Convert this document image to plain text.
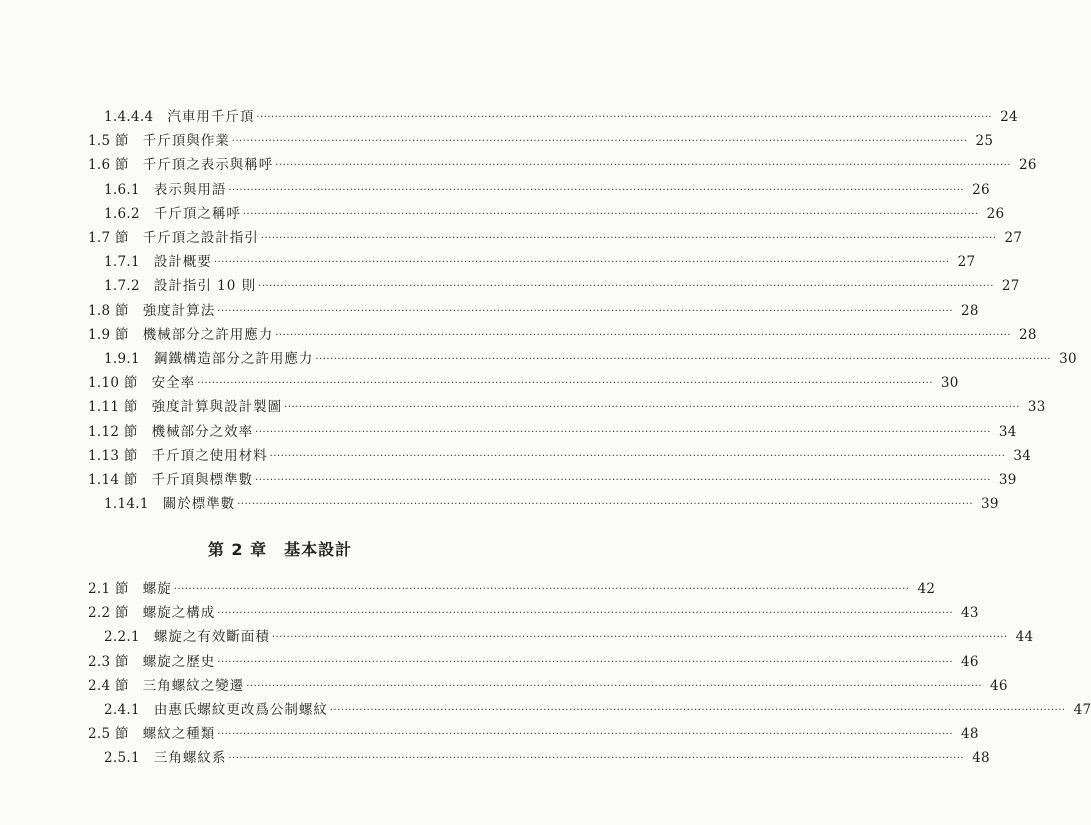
1.4.4.4	汽車用千斤頂 ········································································································································································································ 24
1.5 節	千斤頂與作業 ········································································································································································································ 25
1.6 節	千斤頂之表示與稱呼 ········································································································································································································ 26
1.6.1	表示與用語 ········································································································································································································ 26
1.6.2	千斤頂之稱呼 ········································································································································································································ 26
1.7 節	千斤頂之設計指引 ········································································································································································································ 27
1.7.1	設計概要 ········································································································································································································ 27
1.7.2	設計指引 10 則 ········································································································································································································ 27
1.8 節	強度計算法 ········································································································································································································ 28
1.9 節	機械部分之許用應力 ········································································································································································································ 28
1.9.1	鋼鐵構造部分之許用應力 ········································································································································································································ 30
1.10 節	安全率 ········································································································································································································ 30
1.11 節	強度計算與設計製圖 ········································································································································································································ 33
1.12 節	機械部分之效率 ········································································································································································································ 34
1.13 節	千斤頂之使用材料 ········································································································································································································ 34
1.14 節	千斤頂與標準數 ········································································································································································································ 39
1.14.1	關於標準數 ········································································································································································································ 39
2.1 節	螺旋 ········································································································································································································ 42
2.2 節	螺旋之構成 ········································································································································································································ 43
2.2.1	螺旋之有效斷面積 ········································································································································································································ 44
2.3 節	螺旋之歷史 ········································································································································································································ 46
2.4 節	三角螺紋之變遷 ········································································································································································································ 46
2.4.1	由惠氏螺紋更改爲公制螺紋 ········································································································································································································ 47
2.5 節	螺紋之種類 ········································································································································································································ 48
2.5.1	三角螺紋系 ········································································································································································································ 48
第 2 章　基本設計
